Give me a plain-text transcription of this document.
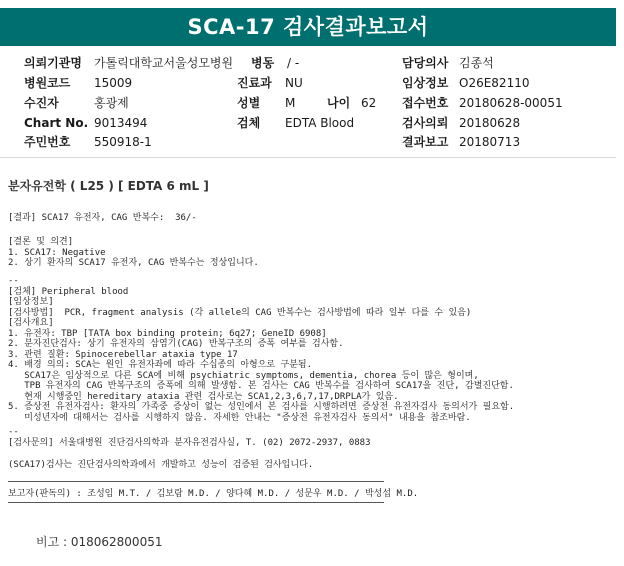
SCA-17 검사결과보고서
의뢰기관명 가톨릭대학교서울성모병원 병동 / -	담당의사 김종석
병원코드 15009	진료과 NU	임상정보 O26E82110
수진자	홍광제	성별 M	나이 62 접수번호 20180628-00051
Chart No. 9013494	검체 EDTA Blood	검사의뢰 20180628
주민번호 550918-1	결과보고 20180713
분자유전학 ( L25 ) [ EDTA 6 mL ]
[결과] SCA17 유전자, CAG 반복수:  36/-
[결론 및 의견]
1. SCA17: Negative
2. 상기 환자의 SCA17 유전자, CAG 반복수는 정상입니다.
--
[검체] Peripheral blood
[임상정보]
[검사방법]  PCR, fragment analysis (각 allele의 CAG 반복수는 검사방법에 따라 일부 다를 수 있음)
[검사개요]
1. 유전자: TBP [TATA box binding protein; 6q27; GeneID 6908]
2. 분자진단검사: 상기 유전자의 삼염기(CAG) 반복구조의 증폭 여부를 검사함.
3. 관련 질환: Spinocerebellar ataxia type 17
4. 배경 의의: SCA는 원인 유전자좌에 따라 수십종의 아형으로 구분됨.
SCA17은 임상적으로 다른 SCA에 비해 psychiatric symptoms, dementia, chorea 등이 많은 형이며,
TPB 유전자의 CAG 반복구조의 증폭에 의해 발생함. 본 검사는 CAG 반복수를 검사하여 SCA17을 진단, 감별진단함.
현재 시행중인 hereditary ataxia 관련 검사로는 SCA1,2,3,6,7,17,DRPLA가 있음.
5. 증상전 유전자검사: 환자의 가족중 증상이 없는 성인에서 본 검사를 시행하려면 증상전 유전자검사 동의서가 필요함.
미성년자에 대해서는 검사를 시행하지 않음. 자세한 안내는 "증상전 유전자검사 동의서" 내용을 참조바람.
--
[검사문의] 서울대병원 진단검사의학과 분자유전검사실, T. (02) 2072-2937, 0883
(SCA17)검사는 진단검사의학과에서 개발하고 성능이 검증된 검사입니다.
보고자(판독의) : 조성임 M.T. / 김보람 M.D. / 양다혜 M.D. / 성문우 M.D. / 박성섭 M.D.
비고 : 018062800051
